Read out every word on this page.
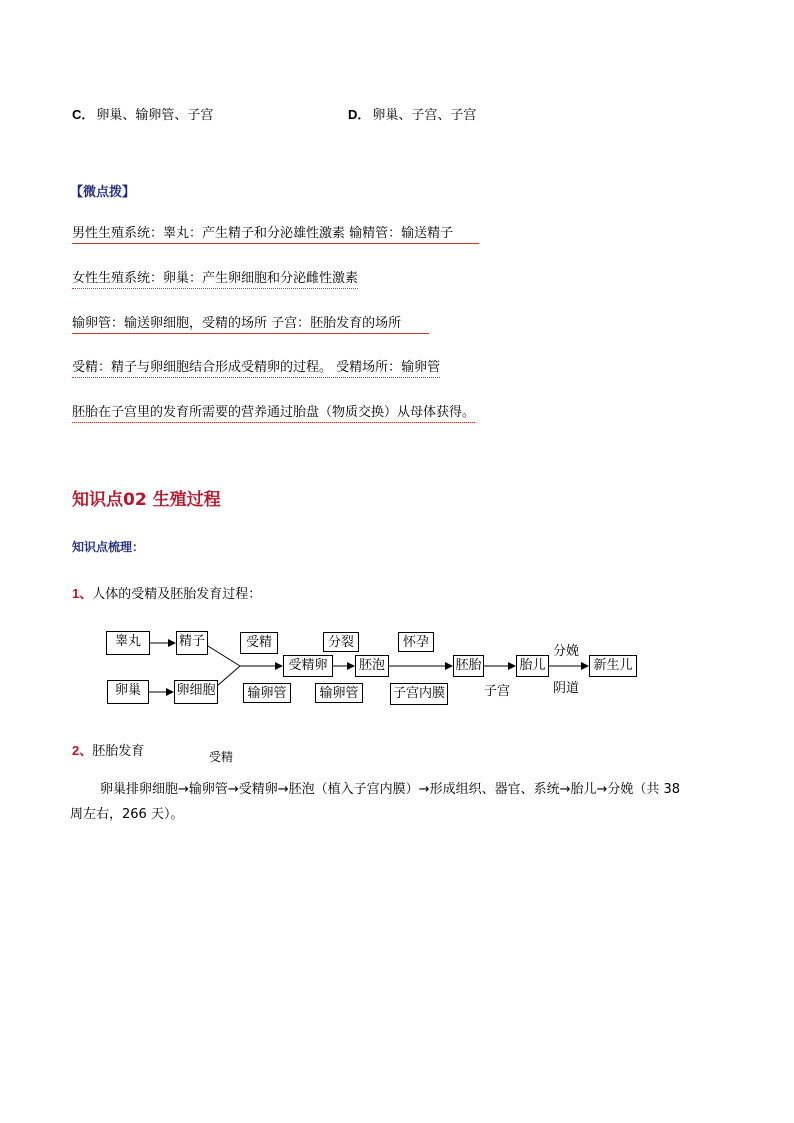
C． 卵巢、输卵管、子宫	D． 卵巢、子宫、子宫
【微点拨】
男性生殖系统：睾丸：产生精子和分泌雄性激素 输精管：输送精子
女性生殖系统：卵巢：产生卵细胞和分泌雌性激素
输卵管：输送卵细胞，受精的场所 子宫：胚胎发育的场所
受精：精子与卵细胞结合形成受精卵的过程。 受精场所：输卵管
胚胎在子宫里的发育所需要的营养通过胎盘（物质交换）从母体获得。
知识点02 生殖过程
知识点梳理：
1、人体的受精及胚胎发育过程：
睾丸	精子
卵巢	卵细胞
受精
输卵管
受精卵
分裂
输卵管
胚泡
怀孕
子宫内膜
胚胎
子宫
胎儿
分娩
阴道
新生儿
2、胚胎发育	受精
卵巢排卵细胞→输卵管→受精卵→胚泡（植入子宫内膜）→形成组织、器官、系统→胎儿→分娩（共 38
周左右，266 天）。
